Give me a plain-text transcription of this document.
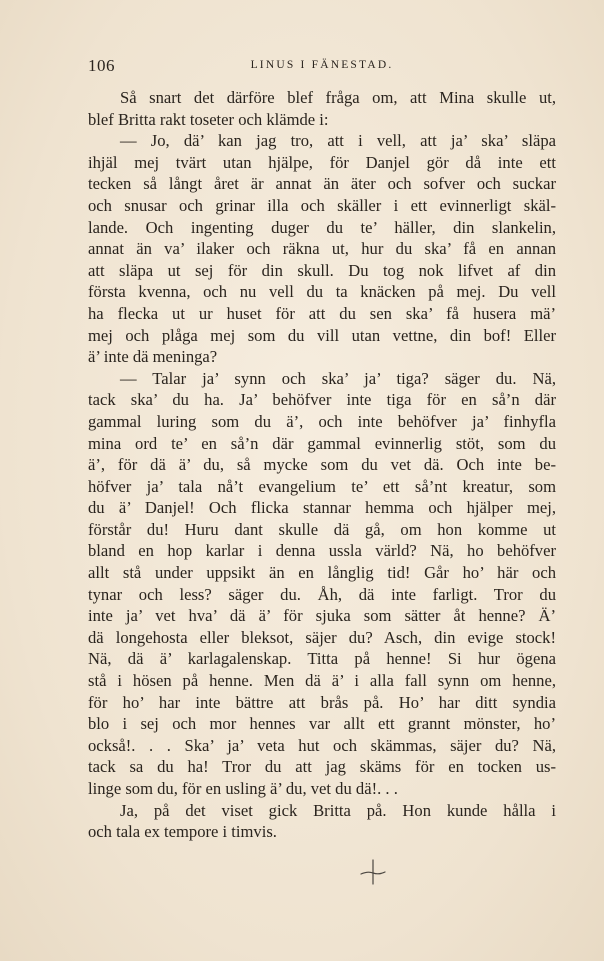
106	LINUS I FÄNESTAD.
Så snart det därföre blef fråga om, att Mina skulle ut,
blef Britta rakt toseter och klämde i:
— Jo, dä’ kan jag tro, att i vell, att ja’ ska’ släpa
ihjäl mej tvärt utan hjälpe, för Danjel gör då inte ett
tecken så långt året är annat än äter och sofver och suckar
och snusar och grinar illa och skäller i ett evinnerligt skäl-
lande. Och ingenting duger du te’ häller, din slankelin,
annat än va’ ilaker och räkna ut, hur du ska’ få en annan
att släpa ut sej för din skull. Du tog nok lifvet af din
första kvenna, och nu vell du ta knäcken på mej. Du vell
ha flecka ut ur huset för att du sen ska’ få husera mä’
mej och plåga mej som du vill utan vettne, din bof! Eller
ä’ inte dä meninga?
— Talar ja’ synn och ska’ ja’ tiga? säger du. Nä,
tack ska’ du ha. Ja’ behöfver inte tiga för en så’n där
gammal luring som du ä’, och inte behöfver ja’ finhyfla
mina ord te’ en så’n där gammal evinnerlig stöt, som du
ä’, för dä ä’ du, så mycke som du vet dä. Och inte be-
höfver ja’ tala nå’t evangelium te’ ett så’nt kreatur, som
du ä’ Danjel! Och flicka stannar hemma och hjälper mej,
förstår du! Huru dant skulle dä gå, om hon komme ut
bland en hop karlar i denna ussla värld? Nä, ho behöfver
allt stå under uppsikt än en långlig tid! Går ho’ här och
tynar och less? säger du. Åh, dä inte farligt. Tror du
inte ja’ vet hva’ dä ä’ för sjuka som sätter åt henne? Ä’
dä longehosta eller bleksot, säjer du? Asch, din evige stock!
Nä, dä ä’ karlagalenskap. Titta på henne! Si hur ögena
stå i hösen på henne. Men dä ä’ i alla fall synn om henne,
för ho’ har inte bättre att brås på. Ho’ har ditt syndia
blo i sej och mor hennes var allt ett grannt mönster, ho’
också!. . . Ska’ ja’ veta hut och skämmas, säjer du? Nä,
tack sa du ha! Tror du att jag skäms för en tocken us-
linge som du, för en usling ä’ du, vet du dä!. . .
Ja, på det viset gick Britta på. Hon kunde hålla i
och tala ex tempore i timvis.
